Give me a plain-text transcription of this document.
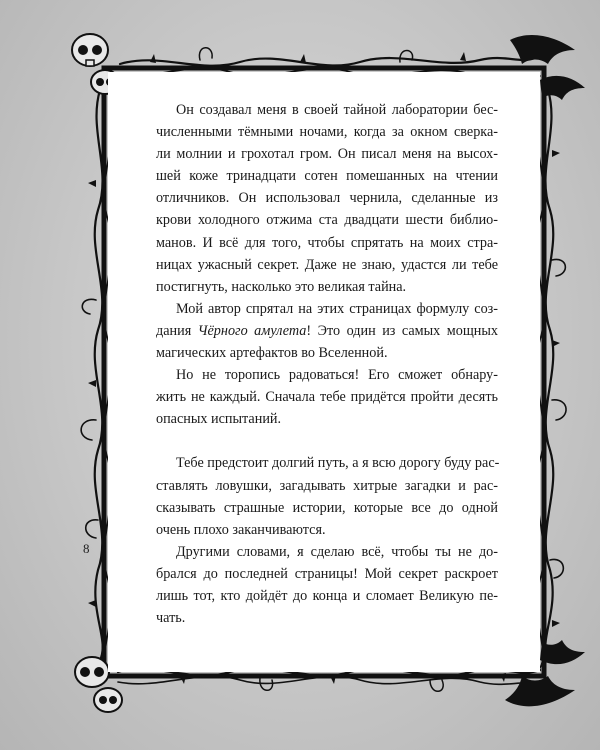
Он создавал меня в своей тайной лаборатории бес-
численными тёмными ночами, когда за окном сверка-
ли молнии и грохотал гром. Он писал меня на высох-
шей коже тринадцати сотен помешанных на чтении
отличников. Он использовал чернила, сделанные из
крови холодного отжима ста двадцати шести библио-
манов. И всё для того, чтобы спрятать на моих стра-
ницах ужасный секрет. Даже не знаю, удастся ли тебе
постигнуть, насколько это великая тайна.

Мой автор спрятал на этих страницах формулу соз-
дания Чёрного амулета! Это один из самых мощных
магических артефактов во Вселенной.

Но не торопись радоваться! Его сможет обнару-
жить не каждый. Сначала тебе придётся пройти десять
опасных испытаний.

Тебе предстоит долгий путь, а я всю дорогу буду рас-
ставлять ловушки, загадывать хитрые загадки и рас-
сказывать страшные истории, которые все до одной
очень плохо заканчиваются.

Другими словами, я сделаю всё, чтобы ты не до-
брался до последней страницы! Мой секрет раскроет
лишь тот, кто дойдёт до конца и сломает Великую пе-
чать.

8
